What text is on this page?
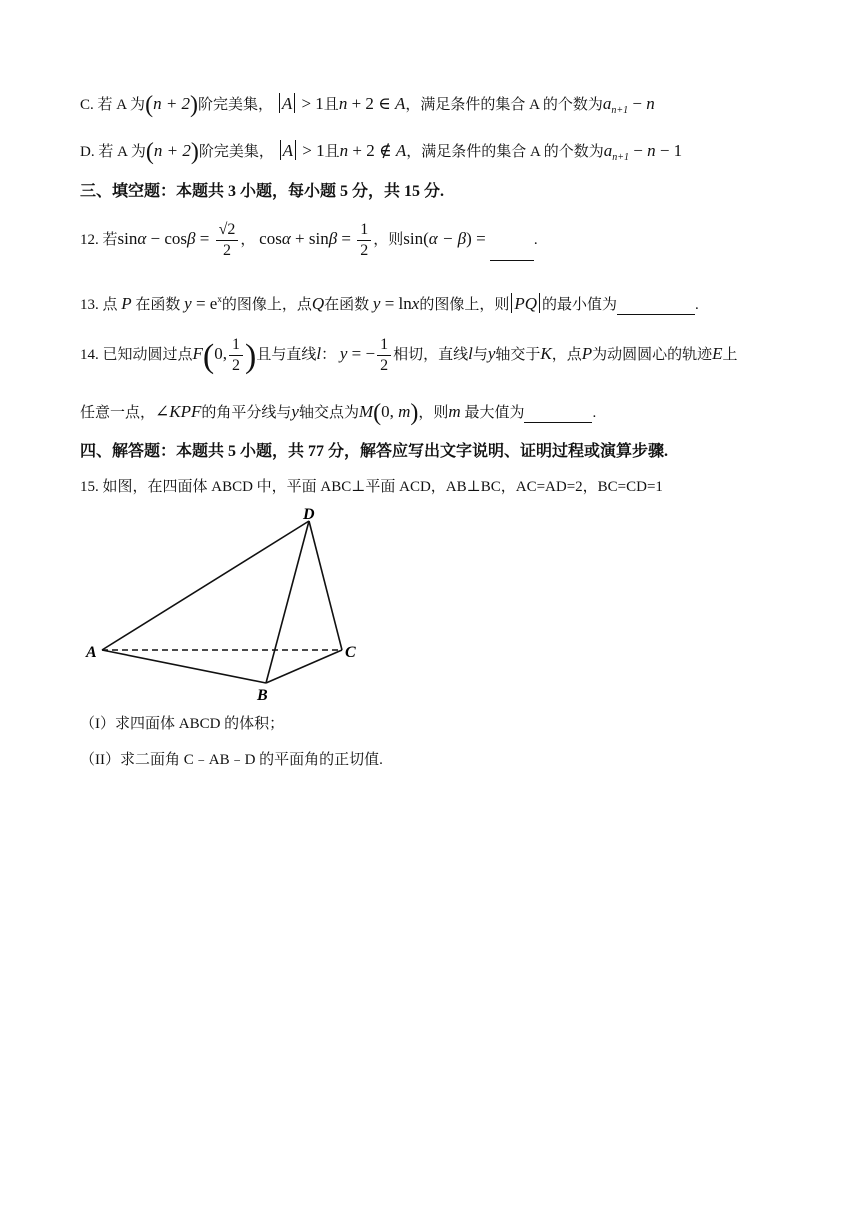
C. 若 A 为(n + 2)阶完美集， A > 1且n + 2 ∈ A，满足条件的集合 A 的个数为$a_{n+1} - n$
D. 若 A 为(n + 2)阶完美集， A > 1且n + 2 ∉ A，满足条件的集合 A 的个数为$a_{n+1} - n - 1$
三、填空题：本题共 3 小题，每小题 5 分，共 15 分.
12. 若$\sin\alpha - \cos\beta = \frac{√2}{2}$ ， $\cos\alpha + \sin\beta = \frac{1}{2}$ ，则sin(α − β) =	.
13. 点 P 在函数 $y = e^x$的图像上，点Q在函数 y = lnx的图像上，则 PQ 的最小值为	.
14. 已知动圆过点F(0, $\frac{1}{2}$ )且与直线l： y = − $\frac{1}{2}$ 相切，直线l与y轴交于K，点P为动圆圆心的轨迹E上
任意一点，∠KPF的角平分线与y轴交点为M(0, m)，则m 最大值为	.
四、解答题：本题共 5 小题，共 77 分，解答应写出文字说明、证明过程或演算步骤.
15. 如图，在四面体 ABCD 中，平面 ABC⊥平面 ACD，AB⊥BC，AC=AD=2，BC=CD=1
D
A	C
B
（I）求四面体 ABCD 的体积；
（II）求二面角 C﹣AB﹣D 的平面角的正切值.
